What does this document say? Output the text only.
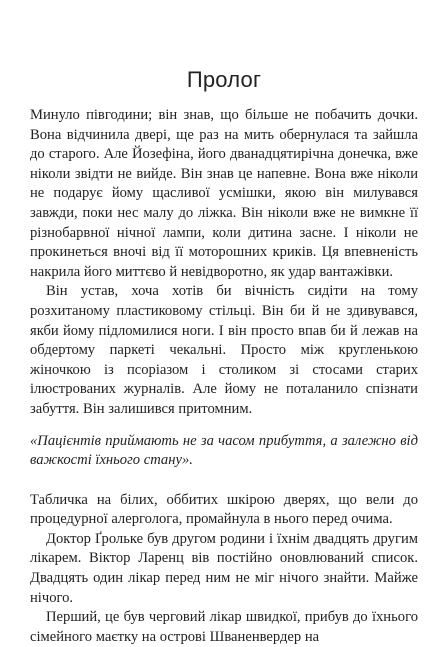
Пролог

Минуло півгодини; він знав, що більше не побачить дочки. Вона відчинила двері, ще раз на мить обернулася та зайшла до старого. Але Йозефіна, його дванадцятирічна донечка, вже ніколи звідти не вийде. Він знав це напевне. Вона вже ніколи не подарує йому щасливої усмішки, якою він милувався завжди, поки нес малу до ліжка. Він ніколи вже не вимкне її різнобарвної нічної лампи, коли дитина засне. І ніколи не прокинеться вночі від її моторошних криків. Ця впевненість накрила його миттєво й невідворотно, як удар вантажівки.

Він устав, хоча хотів би вічність сидіти на тому розхитаному пластиковому стільці. Він би й не здивувався, якби йому підломилися ноги. І він просто впав би й лежав на обдертому паркеті чекальні. Просто між кругленькою жіночкою із псоріазом і столиком зі стосами старих ілюстрованих журналів. Але йому не поталанило спізнати забуття. Він залишився притомним.

«Пацієнтів приймають не за часом прибуття, а залежно від важкості їхнього стану».

Табличка на білих, оббитих шкірою дверях, що вели до процедурної алерголога, промайнула в нього перед очима.

Доктор Ґрольке був другом родини і їхнім двадцять другим лікарем. Віктор Ларенц вів постійно оновлюваний список. Двадцять один лікар перед ним не міг нічого знайти. Майже нічого.

Перший, це був черговий лікар швидкої, прибув до їхнього сімейного маєтку на острові Шваненвердер на
